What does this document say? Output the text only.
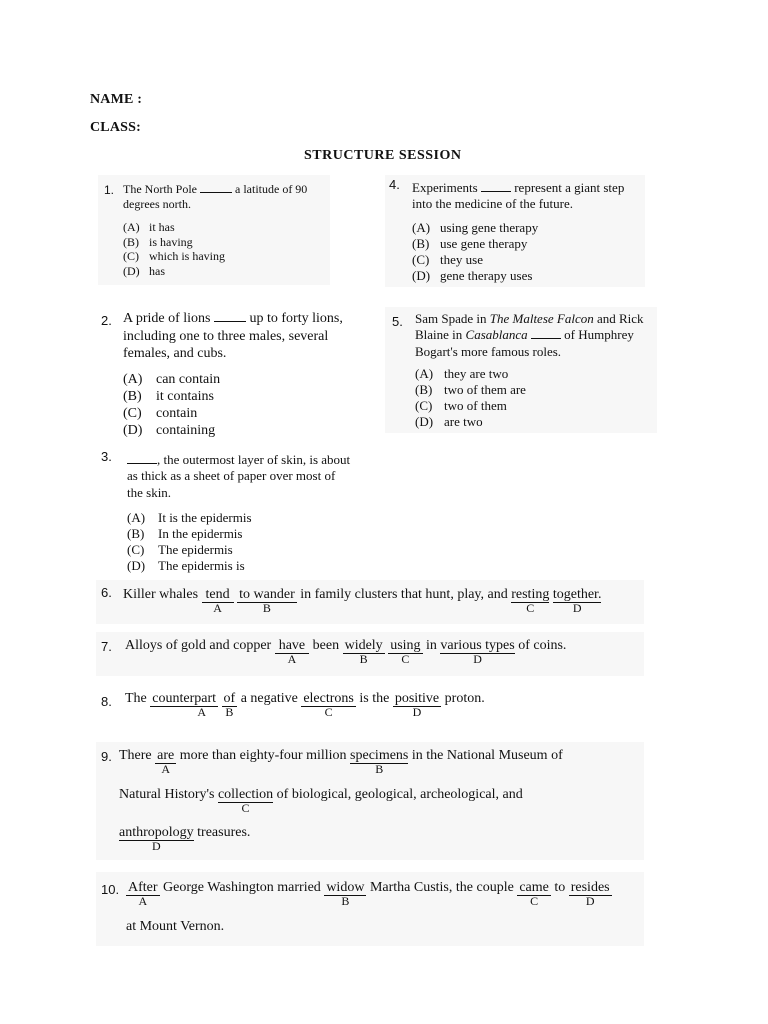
NAME :
CLASS:
STRUCTURE SESSION
1. The North Pole	a latitude of 90
degrees north.
(A) it has
(B) is having
(C) which is having
(D) has
4. Experiments	represent a giant step
into the medicine of the future.
(A) using gene therapy
(B) use gene therapy
(C) they use
(D) gene therapy uses
2. A pride of lions	up to forty lions,
including one to three males, several
females, and cubs.
(A) can contain
(B) it contains
(C) contain
(D) containing
5. Sam Spade in The Maltese Falcon and Rick
Blaine in Casablanca	of Humphrey
Bogart's more famous roles.
(A) they are two
(B) two of them are
(C) two of them
(D) are two
3.	, the outermost layer of skin, is about
as thick as a sheet of paper over most of
the skin.
(A) It is the epidermis
(B) In the epidermis
(C) The epidermis
(D) The epidermis is
6. Killer whales tend
A
to wander
B
in family clusters that hunt, play, and resting
C
together.
D
7. Alloys of gold and copper have
A
been widely
B
using
C
in various types
D
of coins.
8. The counterpart
A
of
B
a negative electrons
C
is the positive
D
proton.
9. There are
A
more than eighty-four million specimens
B
in the National Museum of
Natural History's collection
C
of biological, geological, archeological, and
anthropology
D
treasures.
10. After
A
George Washington married widow
B
Martha Custis, the couple came
C
to resides
D
at Mount Vernon.
